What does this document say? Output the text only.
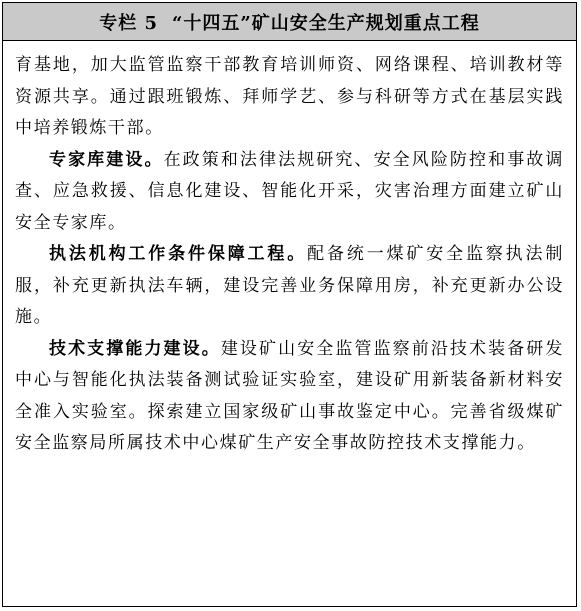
专栏 5 “十四五”矿山安全生产规划重点工程

育基地，加大监管监察干部教育培训师资、网络课程、培训教材等资源共享。通过跟班锻炼、拜师学艺、参与科研等方式在基层实践中培养锻炼干部。

专家库建设。在政策和法律法规研究、安全风险防控和事故调查、应急救援、信息化建设、智能化开采，灾害治理方面建立矿山安全专家库。

执法机构工作条件保障工程。配备统一煤矿安全监察执法制服，补充更新执法车辆，建设完善业务保障用房，补充更新办公设施。

技术支撑能力建设。建设矿山安全监管监察前沿技术装备研发中心与智能化执法装备测试验证实验室，建设矿用新装备新材料安全准入实验室。探索建立国家级矿山事故鉴定中心。完善省级煤矿安全监察局所属技术中心煤矿生产安全事故防控技术支撑能力。
